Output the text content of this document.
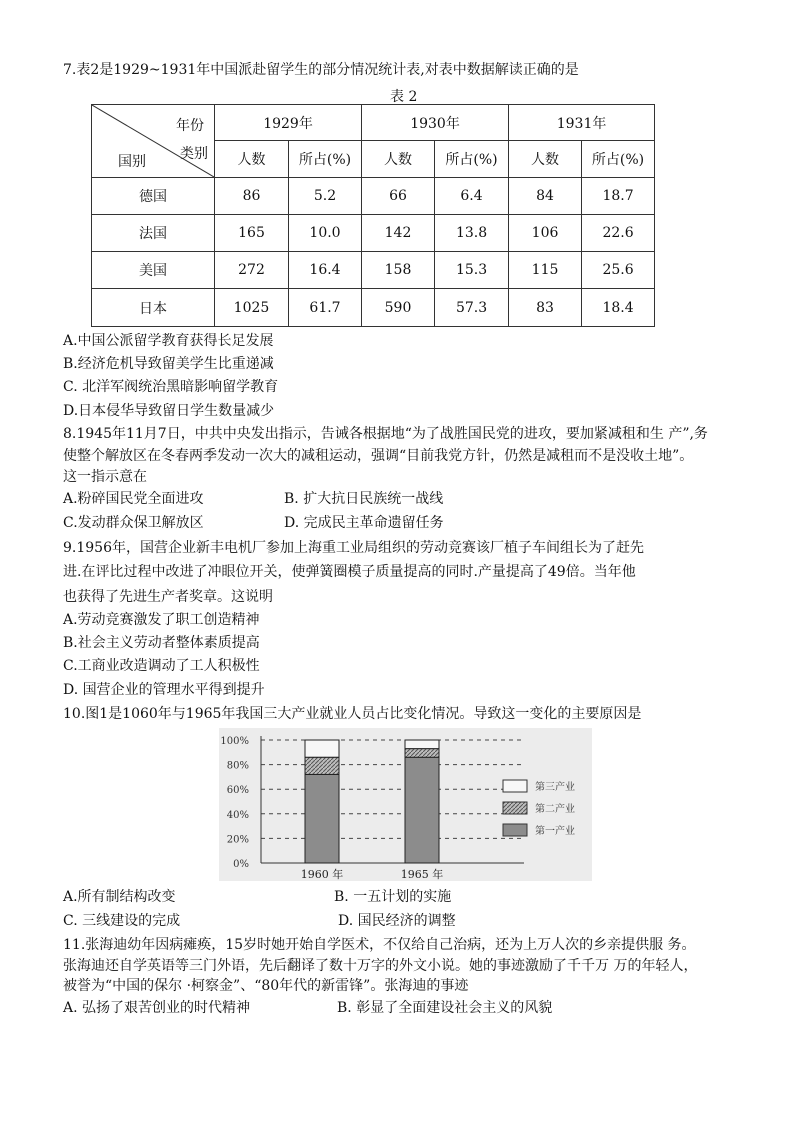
7.表2是1929~1931年中国派赴留学生的部分情况统计表,对表中数据解读正确的是
表 2
年份
类别
国别	1929年		1930年		1931年	
	人数	所占(%)	人数	所占(%)	人数	所占(%)
德国	86	5.2	66	6.4	84	18.7
法国	165	10.0	142	13.8	106	22.6
美国	272	16.4	158	15.3	115	25.6
日本	1025	61.7	590	57.3	83	18.4
A.中国公派留学教育获得长足发展
B.经济危机导致留美学生比重递减
C. 北洋军阀统治黑暗影响留学教育
D.日本侵华导致留日学生数量减少
8.1945年11月7日，中共中央发出指示，告诫各根据地“为了战胜国民党的进攻，要加紧减租和生 产”,务
使整个解放区在冬春两季发动一次大的减租运动，强调“目前我党方针，仍然是减租而不是没收土地”。
这一指示意在
A.粉碎国民党全面进攻	B. 扩大抗日民族统一战线
C.发动群众保卫解放区	D. 完成民主革命遗留任务
9.1956年，国营企业新丰电机厂参加上海重工业局组织的劳动竞赛该厂植子车间组长为了赶先
进.在评比过程中改进了冲眼位开关，使弹簧圈模子质量提高的同时.产量提高了49倍。当年他
也获得了先进生产者奖章。这说明
A.劳动竞赛激发了职工创造精神
B.社会主义劳动者整体素质提高
C.工商业改造调动了工人积极性
D. 国营企业的管理水平得到提升
10.图1是1060年与1965年我国三大产业就业人员占比变化情况。导致这一变化的主要原因是
0%
20%
40%
60%
80%
100%
1960 年	1965 年
第三产业
第二产业
第一产业
A.所有制结构改变	B. 一五计划的实施
C. 三线建设的完成	D. 国民经济的调整
11.张海迪幼年因病瘫痪，15岁时她开始自学医术，不仅给自己治病，还为上万人次的乡亲提供服 务。
张海迪还自学英语等三门外语，先后翻译了数十万字的外文小说。她的事迹激励了千千万 万的年轻人，
被誉为“中国的保尔 ·柯察金”、“80年代的新雷锋”。张海迪的事迹
A. 弘扬了艰苦创业的时代精神	B. 彰显了全面建设社会主义的风貌
